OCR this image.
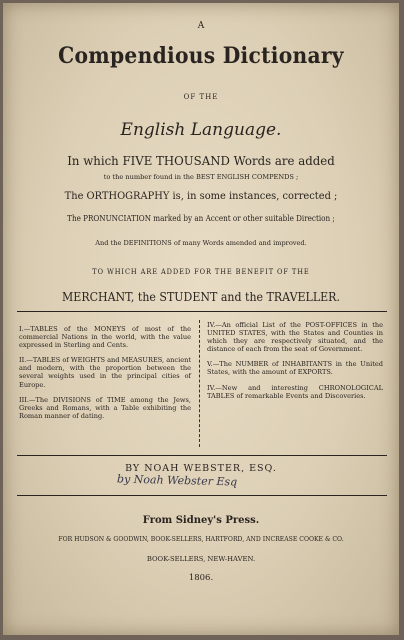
A
Compendious Dictionary
OF THE
English Language.
In which FIVE THOUSAND Words are added
to the number found in the BEST ENGLISH COMPENDS ;
The ORTHOGRAPHY is, in some instances, corrected ;
The PRONUNCIATION marked by an Accent or other suitable Direction ;
And the DEFINITIONS of many Words amended and improved.
TO WHICH ARE ADDED FOR THE BENEFIT OF THE
MERCHANT, the STUDENT and the TRAVELLER.

I.—TABLES of the MONEYS of most of the commercial Nations in the world, with the value expressed in Sterling and Cents.

II.—TABLES of WEIGHTS and MEASURES, ancient and modern, with the proportion between the several weights used in the principal cities of Europe.

III.—The DIVISIONS of TIME among the Jews, Greeks and Romans, with a Table exhibiting the Roman manner of dating.

IV.—An official List of the POST-OFFICES in the UNITED STATES, with the States and Counties in which they are respectively situated, and the distance of each from the seat of Government.

V.—The NUMBER of INHABITANTS in the United States, with the amount of EXPORTS.

IV.—New and interesting CHRONOLOGICAL TABLES of remarkable Events and Discoveries.

BY NOAH WEBSTER, ESQ.
by Noah Webster Esq
From Sidney's Press.
FOR HUDSON & GOODWIN, BOOK-SELLERS, HARTFORD, AND INCREASE COOKE & CO.
BOOK-SELLERS, NEW-HAVEN.
1806.
